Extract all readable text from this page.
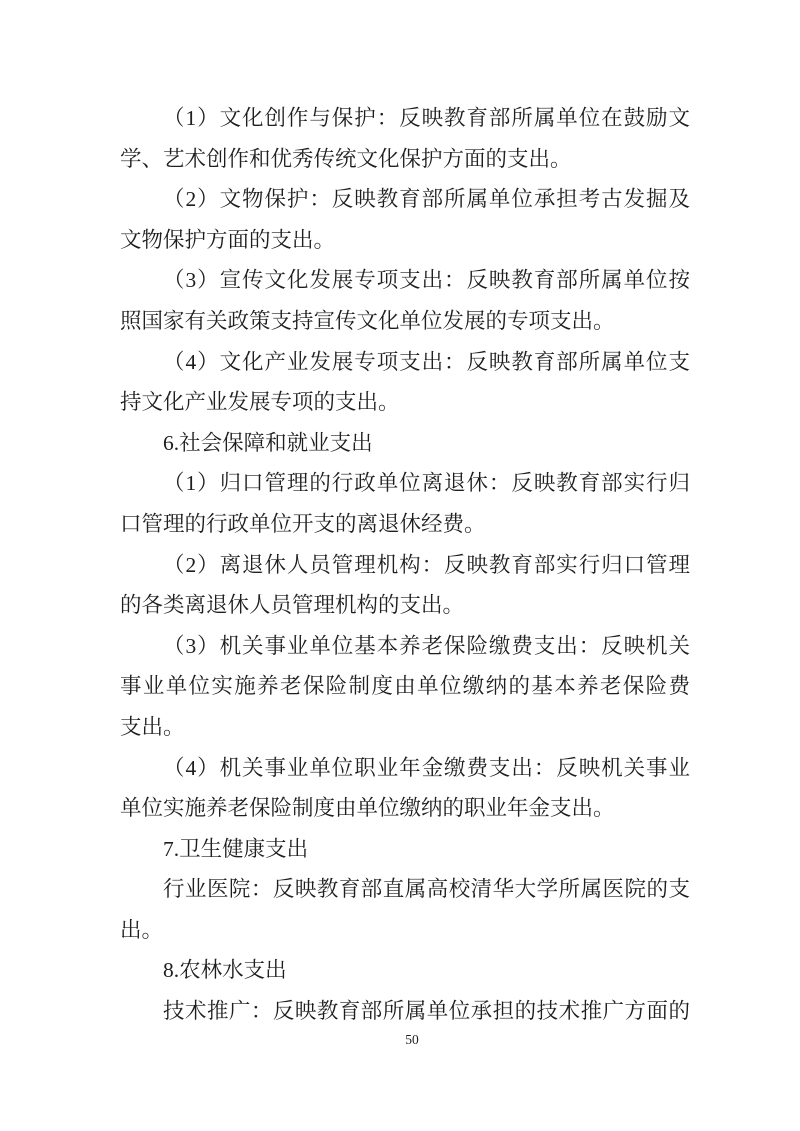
（1）文化创作与保护：反映教育部所属单位在鼓励文

学、艺术创作和优秀传统文化保护方面的支出。

（2）文物保护：反映教育部所属单位承担考古发掘及

文物保护方面的支出。

（3）宣传文化发展专项支出：反映教育部所属单位按

照国家有关政策支持宣传文化单位发展的专项支出。

（4）文化产业发展专项支出：反映教育部所属单位支

持文化产业发展专项的支出。

6.社会保障和就业支出

（1）归口管理的行政单位离退休：反映教育部实行归

口管理的行政单位开支的离退休经费。

（2）离退休人员管理机构：反映教育部实行归口管理

的各类离退休人员管理机构的支出。

（3）机关事业单位基本养老保险缴费支出：反映机关

事业单位实施养老保险制度由单位缴纳的基本养老保险费

支出。

（4）机关事业单位职业年金缴费支出：反映机关事业

单位实施养老保险制度由单位缴纳的职业年金支出。

7.卫生健康支出

行业医院：反映教育部直属高校清华大学所属医院的支

出。

8.农林水支出

技术推广：反映教育部所属单位承担的技术推广方面的

50
